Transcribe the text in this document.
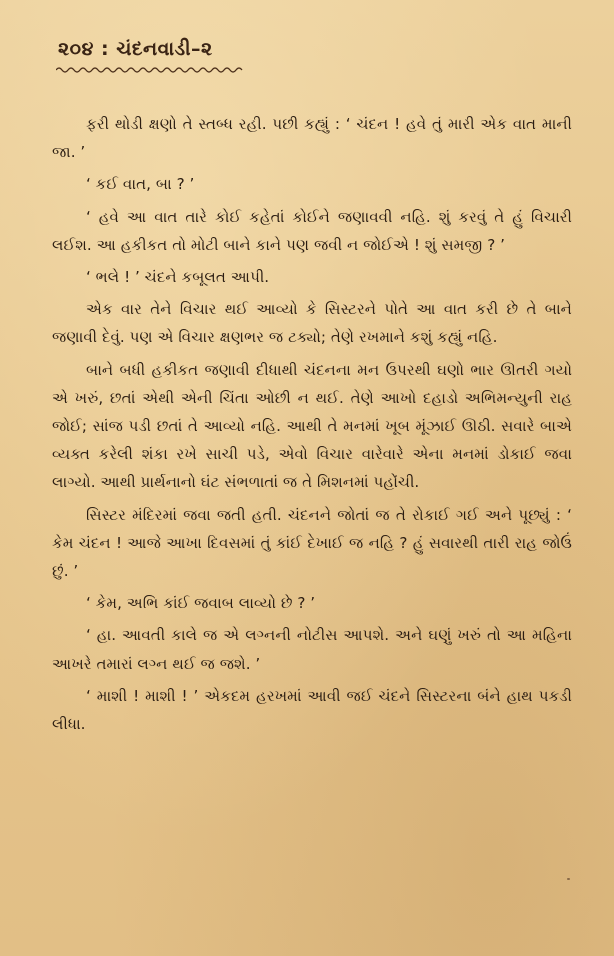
૨૦૪ : ચંદનવાડી–૨

ફરી થોડી ક્ષણો તે સ્તબ્ધ રહી. પછી કહ્યું : ‘ ચંદન ! હવે તું મારી એક વાત માની જા. ’

‘ કઈ વાત, બા ? ’

‘ હવે આ વાત તારે કોઈ કહેતાં કોઈને જણાવવી નહિ. શું કરવું તે હું વિચારી લઈશ. આ હકીકત તો મોટી બાને કાને પણ જવી ન જોઈએ ! શું સમજી ? ’

‘ ભલે ! ’ ચંદને કબૂલત આપી.

એક વાર તેને વિચાર થઈ આવ્યો કે સિસ્ટરને પોતે આ વાત કરી છે તે બાને જણાવી દેવું. પણ એ વિચાર ક્ષણભર જ ટક્યો; તેણે રખમાને કશું કહ્યું નહિ.

બાને બધી હકીકત જણાવી દીધાથી ચંદનના મન ઉપરથી ઘણો ભાર ઊતરી ગયો એ ખરું, છતાં એથી એની ચિંતા ઓછી ન થઈ. તેણે આખો દહાડો અભિમન્યુની રાહ જોઈ; સાંજ પડી છતાં તે આવ્યો નહિ. આથી તે મનમાં ખૂબ મૂંઝાઈ ઊઠી. સવારે બાએ વ્યક્ત કરેલી શંકા રખે સાચી પડે, એવો વિચાર વારેવારે એના મનમાં ડોકાઈ જવા લાગ્યો. આથી પ્રાર્થનાનો ઘંટ સંભળાતાં જ તે મિશનમાં પહોંચી.

સિસ્ટર મંદિરમાં જવા જતી હતી. ચંદનને જોતાં જ તે રોકાઈ ગઈ અને પૂછ્યું : ‘ કેમ ચંદન ! આજે આખા દિવસમાં તું કાંઈ દેખાઈ જ નહિ ? હું સવારથી તારી રાહ જોઉં છું. ’

‘ કેમ, અભિ કાંઈ જવાબ લાવ્યો છે ? ’

‘ હા. આવતી કાલે જ એ લગ્નની નોટીસ આપશે. અને ઘણું ખરું તો આ મહિના આખરે તમારાં લગ્ન થઈ જ જશે. ’

‘ માશી ! માશી ! ’ એકદમ હરખમાં આવી જઈ ચંદને સિસ્ટરના બંને હાથ પકડી લીધા.
